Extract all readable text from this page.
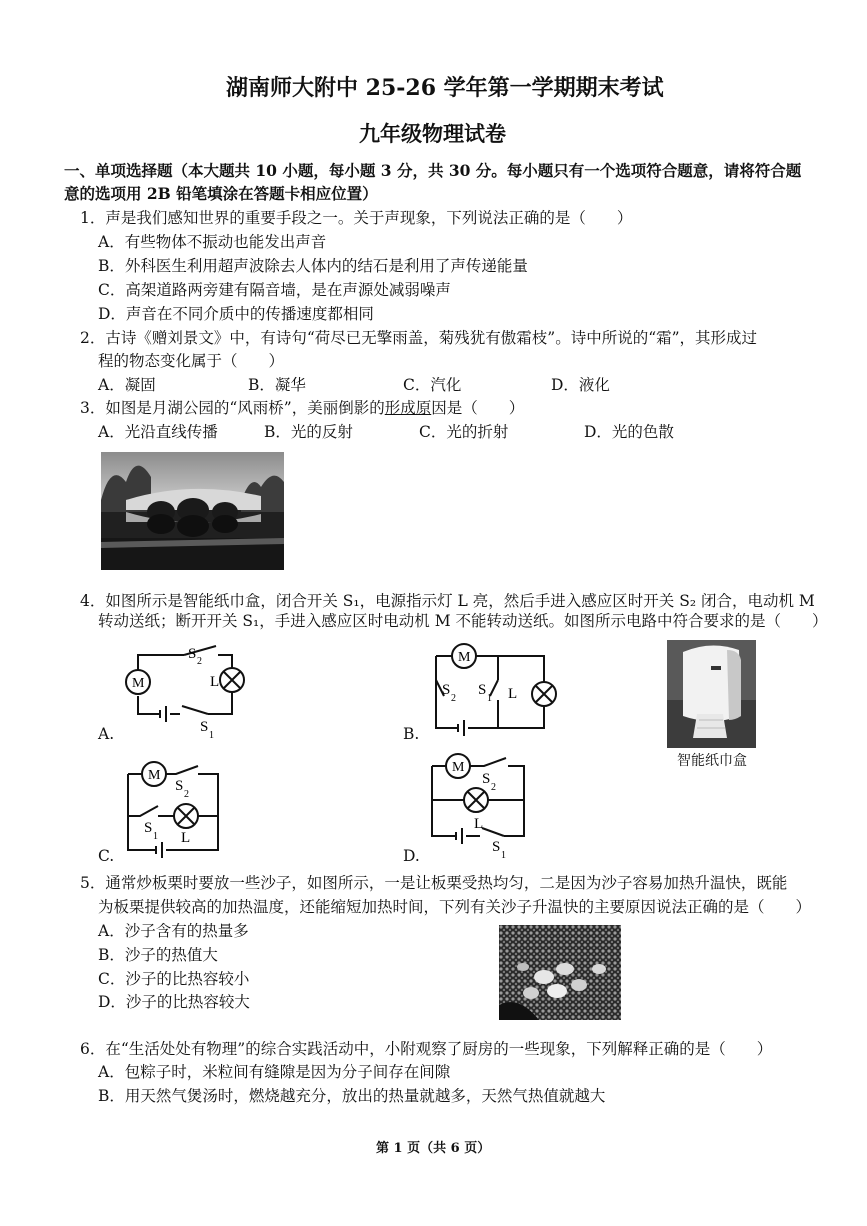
湖南师大附中 25-26 学年第一学期期末考试
九年级物理试卷
一、单项选择题（本大题共 10 小题，每小题 3 分，共 30 分。每小题只有一个选项符合题意，请将符合题
意的选项用 2B 铅笔填涂在答题卡相应位置）
1．声是我们感知世界的重要手段之一。关于声现象，下列说法正确的是（　　）
A．有些物体不振动也能发出声音
B．外科医生利用超声波除去人体内的结石是利用了声传递能量
C．高架道路两旁建有隔音墙，是在声源处减弱噪声
D．声音在不同介质中的传播速度都相同
2．古诗《赠刘景文》中，有诗句“荷尽已无擎雨盖，菊残犹有傲霜枝”。诗中所说的“霜”，其形成过
程的物态变化属于（　　）
A．凝固	B．凝华	C．汽化	D．液化
3．如图是月湖公园的“风雨桥”，美丽倒影的形成原因是（　　）
A．光沿直线传播	B．光的反射	C．光的折射	D．光的色散
4．如图所示是智能纸巾盒，闭合开关 S₁，电源指示灯 L 亮，然后手进入感应区时开关 S₂ 闭合，电动机 M
转动送纸；断开开关 S₁，手进入感应区时电动机 M 不能转动送纸。如图所示电路中符合要求的是（　　）
M
S 2
L
S
1
A.
M
S
2
S
1 L
B.
智能纸巾盒
M
S
2
S
1 L
C.
M
S
2
L
S
1
D.
5．通常炒板栗时要放一些沙子，如图所示，一是让板栗受热均匀，二是因为沙子容易加热升温快，既能
为板栗提供较高的加热温度，还能缩短加热时间，下列有关沙子升温快的主要原因说法正确的是（　　）
A．沙子含有的热量多
B．沙子的热值大
C．沙子的比热容较小
D．沙子的比热容较大
6．在“生活处处有物理”的综合实践活动中，小附观察了厨房的一些现象，下列解释正确的是（　　）
A．包粽子时，米粒间有缝隙是因为分子间存在间隙
B．用天然气煲汤时，燃烧越充分，放出的热量就越多，天然气热值就越大
第 1 页（共 6 页）
